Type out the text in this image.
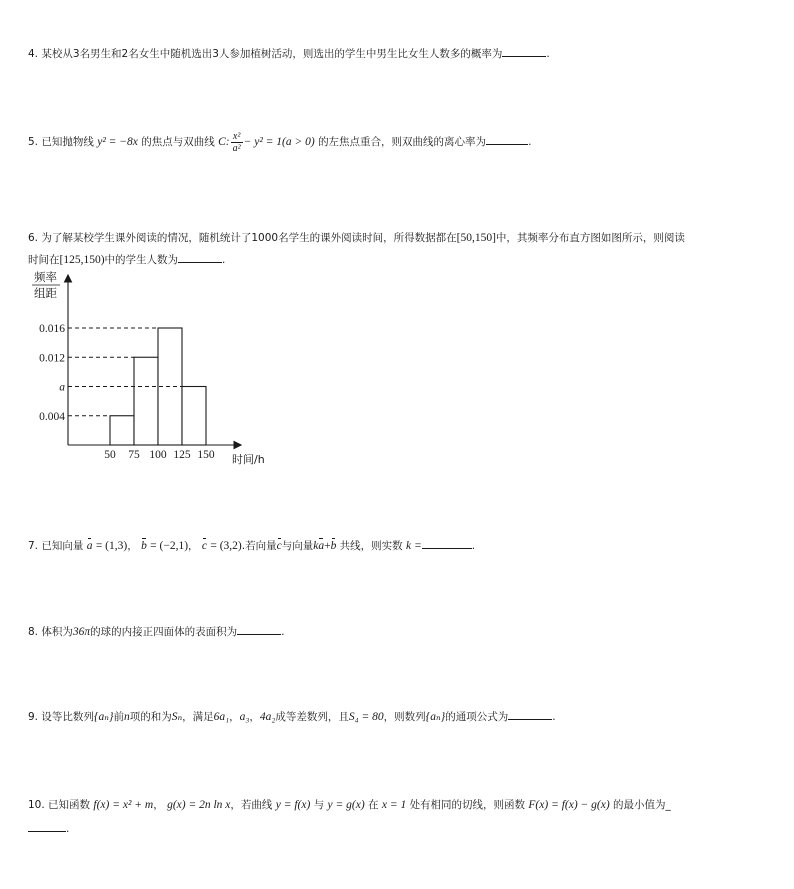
4. 某校从3名男生和2名女生中随机选出3人参加植树活动，则选出的学生中男生比女生人数多的概率为	.
5. 已知抛物线 y² = −8x 的焦点与双曲线 C: $\frac{\text{x²}}{\text{a²}} - y^2 = 1(a > 0)$ 的左焦点重合，则双曲线的离心率为	.
6. 为了解某校学生课外阅读的情况，随机统计了1000名学生的课外阅读时间，所得数据都在[50,150]中，其频率分布直方图如图所示，则阅读
时间在[125,150)中的学生人数为	.
频率
组距
0.004
a
0.012
0.016
50 75 100 125 150 时间/h
7. 已知向量 a = (1,3)， b = (−2,1)， c = (3,2).若向量c与向量ka+b 共线，则实数 k =	.
8. 体积为36π的球的内接正四面体的表面积为	.
9. 设等比数列{aₙ}前n项的和为Sₙ，满足6a₁，a₃，4a₂成等差数列，且S₄ = 80，则数列{aₙ}的通项公式为	.
10. 已知函数 f(x) = x² + m， g(x) = 2n ln x，若曲线 y = f(x) 与 y = g(x) 在 x = 1 处有相同的切线，则函数 F(x) = f(x) − g(x) 的最小值为_
.
